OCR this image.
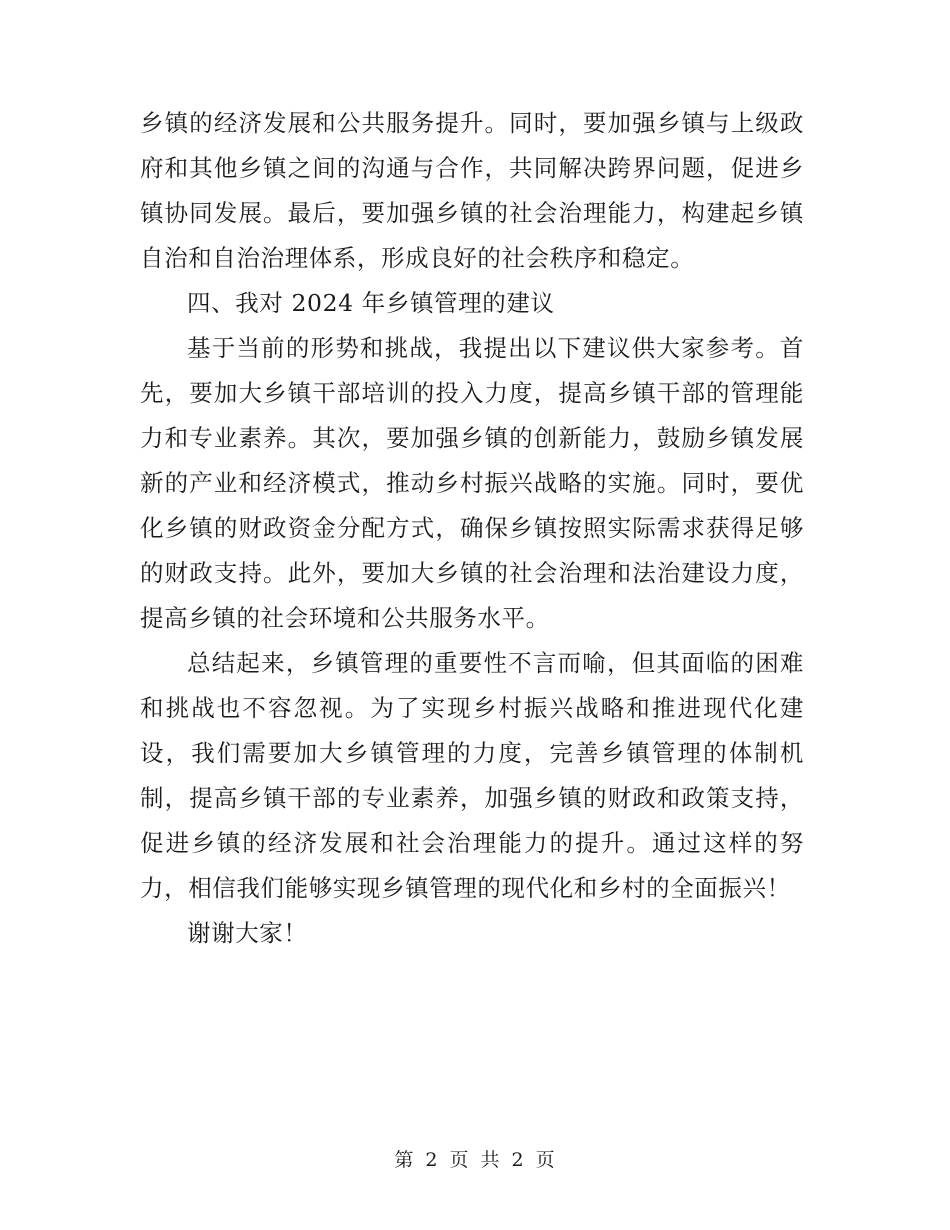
乡镇的经济发展和公共服务提升。同时，要加强乡镇与上级政府和其他乡镇之间的沟通与合作，共同解决跨界问题，促进乡镇协同发展。最后，要加强乡镇的社会治理能力，构建起乡镇自治和自治治理体系，形成良好的社会秩序和稳定。

四、我对 2024 年乡镇管理的建议

基于当前的形势和挑战，我提出以下建议供大家参考。首先，要加大乡镇干部培训的投入力度，提高乡镇干部的管理能力和专业素养。其次，要加强乡镇的创新能力，鼓励乡镇发展新的产业和经济模式，推动乡村振兴战略的实施。同时，要优化乡镇的财政资金分配方式，确保乡镇按照实际需求获得足够的财政支持。此外，要加大乡镇的社会治理和法治建设力度，提高乡镇的社会环境和公共服务水平。

总结起来，乡镇管理的重要性不言而喻，但其面临的困难和挑战也不容忽视。为了实现乡村振兴战略和推进现代化建设，我们需要加大乡镇管理的力度，完善乡镇管理的体制机制，提高乡镇干部的专业素养，加强乡镇的财政和政策支持，促进乡镇的经济发展和社会治理能力的提升。通过这样的努力，相信我们能够实现乡镇管理的现代化和乡村的全面振兴！

谢谢大家！

第 2 页 共 2 页
